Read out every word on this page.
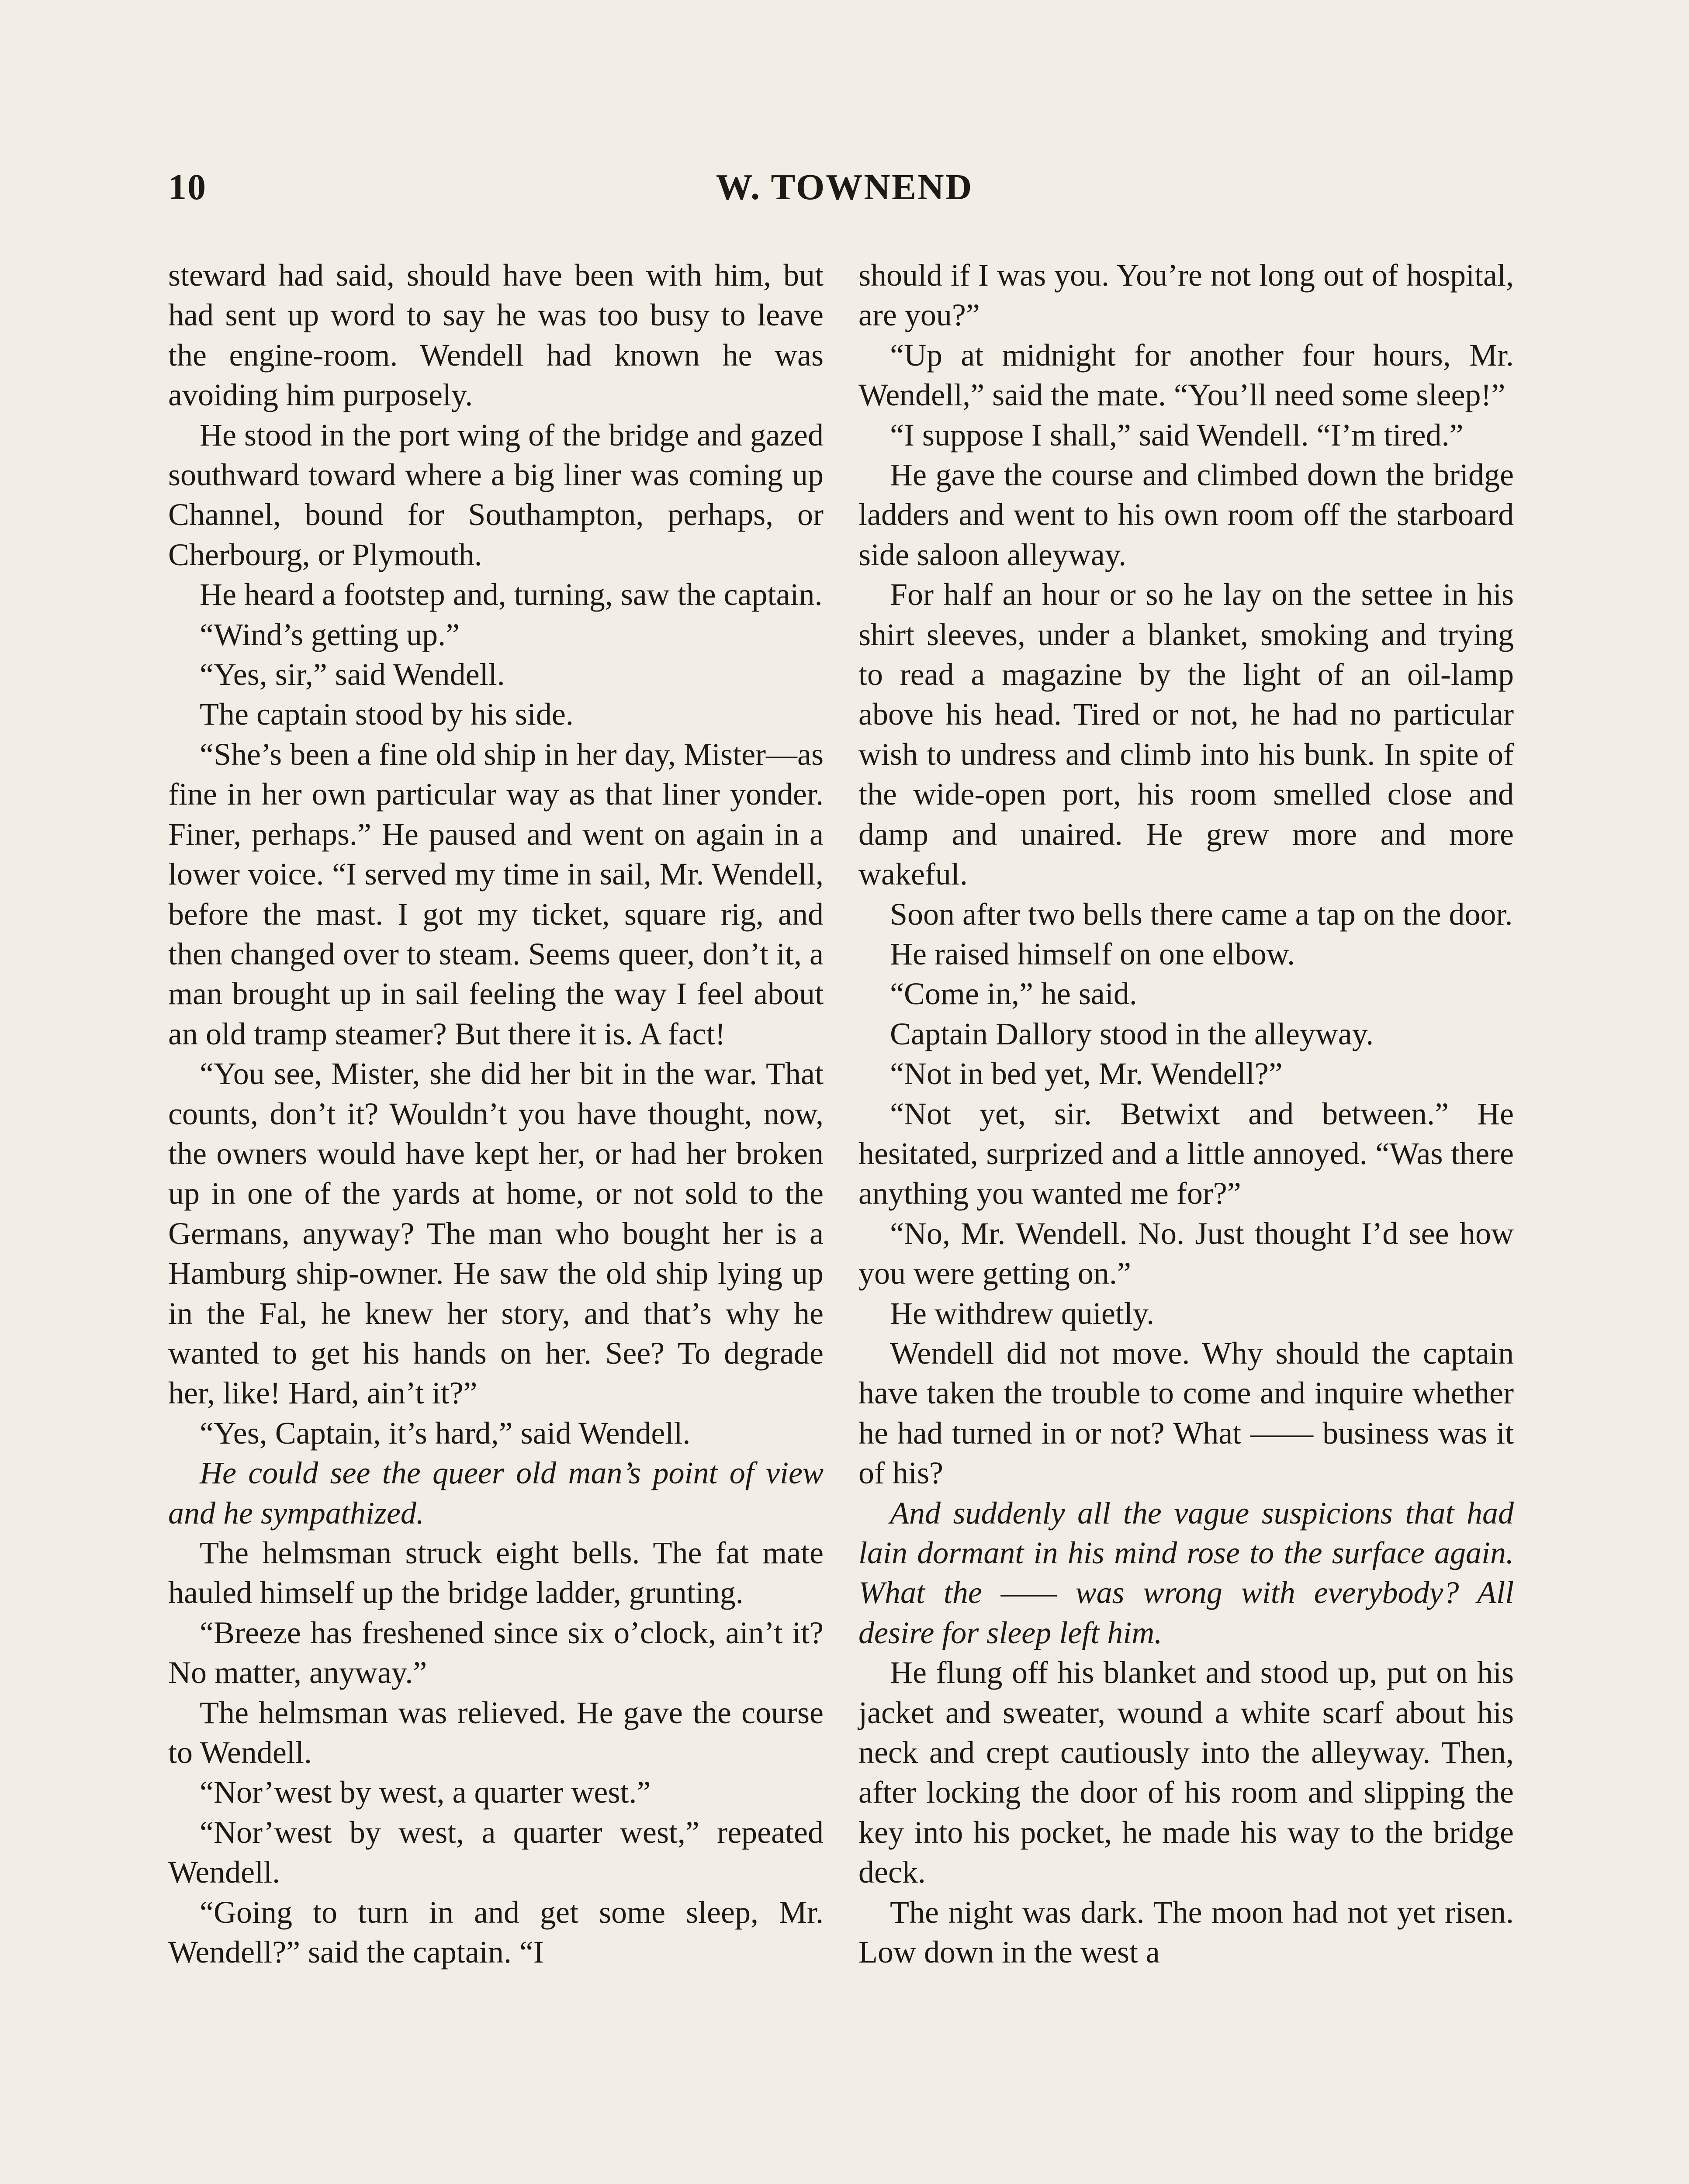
10	W. TOWNEND

steward had said, should have been with him, but had sent up word to say he was too busy to leave the engine-room. Wendell had known he was avoiding him purposely.

He stood in the port wing of the bridge and gazed southward toward where a big liner was coming up Channel, bound for Southampton, perhaps, or Cherbourg, or Plymouth.

He heard a footstep and, turning, saw the captain.

“Wind’s getting up.”

“Yes, sir,” said Wendell.

The captain stood by his side.

“She’s been a fine old ship in her day, Mister—as fine in her own particular way as that liner yonder. Finer, perhaps.” He paused and went on again in a lower voice. “I served my time in sail, Mr. Wendell, before the mast. I got my ticket, square rig, and then changed over to steam. Seems queer, don’t it, a man brought up in sail feeling the way I feel about an old tramp steamer? But there it is. A fact!

“You see, Mister, she did her bit in the war. That counts, don’t it? Wouldn’t you have thought, now, the owners would have kept her, or had her broken up in one of the yards at home, or not sold to the Germans, anyway? The man who bought her is a Hamburg ship-owner. He saw the old ship lying up in the Fal, he knew her story, and that’s why he wanted to get his hands on her. See? To degrade her, like! Hard, ain’t it?”

“Yes, Captain, it’s hard,” said Wendell.

He could see the queer old man’s point of view and he sympathized.

The helmsman struck eight bells. The fat mate hauled himself up the bridge ladder, grunting.

“Breeze has freshened since six o’clock, ain’t it? No matter, anyway.”

The helmsman was relieved. He gave the course to Wendell.

“Nor’west by west, a quarter west.”

“Nor’west by west, a quarter west,” repeated Wendell.

“Going to turn in and get some sleep, Mr. Wendell?” said the captain. “I

should if I was you. You’re not long out of hospital, are you?”

“Up at midnight for another four hours, Mr. Wendell,” said the mate. “You’ll need some sleep!”

“I suppose I shall,” said Wendell. “I’m tired.”

He gave the course and climbed down the bridge ladders and went to his own room off the starboard side saloon alleyway.

For half an hour or so he lay on the settee in his shirt sleeves, under a blanket, smoking and trying to read a magazine by the light of an oil-lamp above his head. Tired or not, he had no particular wish to undress and climb into his bunk. In spite of the wide-open port, his room smelled close and damp and unaired. He grew more and more wakeful.

Soon after two bells there came a tap on the door.

He raised himself on one elbow.

“Come in,” he said.

Captain Dallory stood in the alleyway.

“Not in bed yet, Mr. Wendell?”

“Not yet, sir. Betwixt and between.” He hesitated, surprized and a little annoyed. “Was there anything you wanted me for?”

“No, Mr. Wendell. No. Just thought I’d see how you were getting on.”

He withdrew quietly.

Wendell did not move. Why should the captain have taken the trouble to come and inquire whether he had turned in or not? What —— business was it of his?

And suddenly all the vague suspicions that had lain dormant in his mind rose to the surface again. What the —— was wrong with everybody? All desire for sleep left him.

He flung off his blanket and stood up, put on his jacket and sweater, wound a white scarf about his neck and crept cautiously into the alleyway. Then, after locking the door of his room and slipping the key into his pocket, he made his way to the bridge deck.

The night was dark. The moon had not yet risen. Low down in the west a
